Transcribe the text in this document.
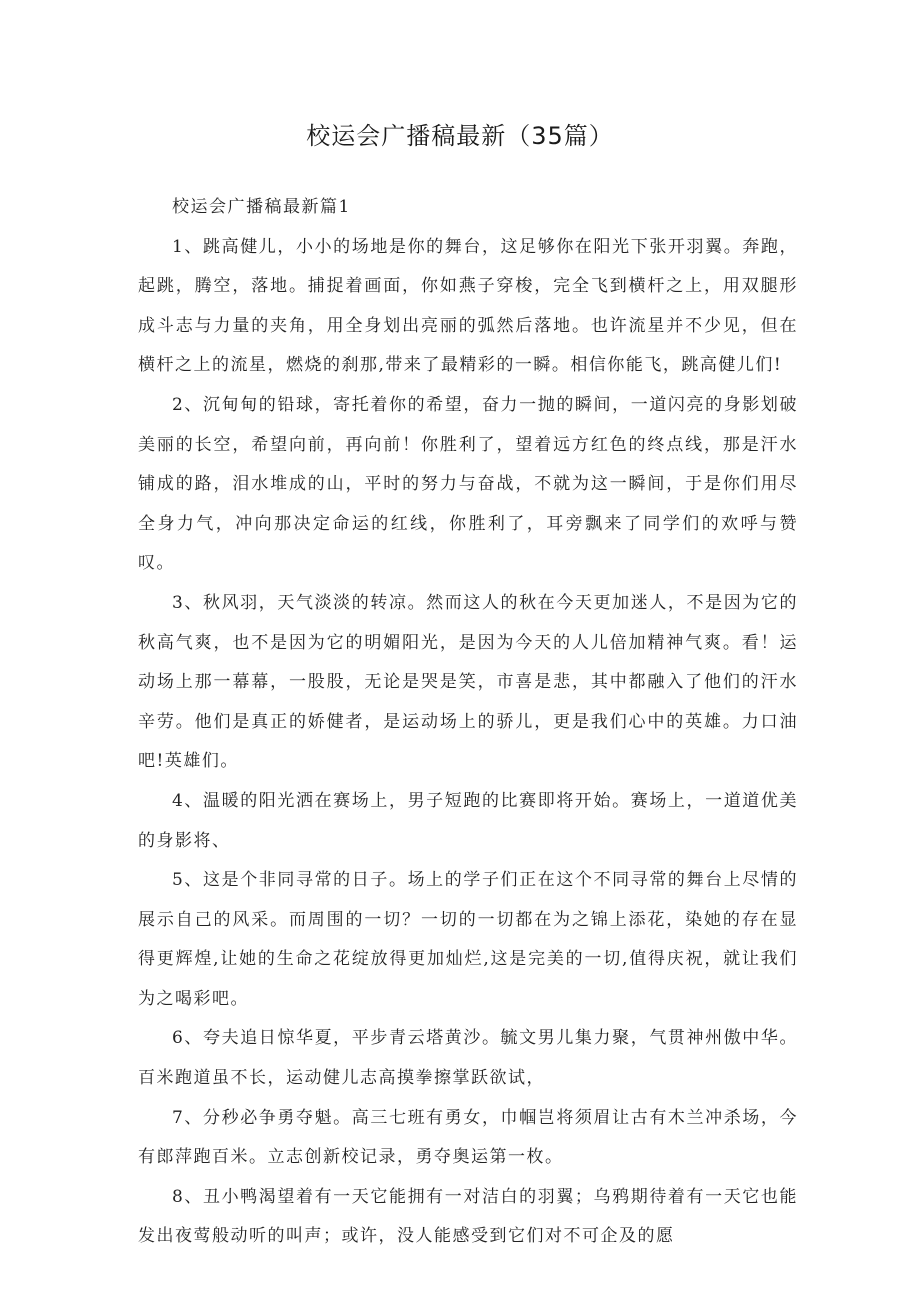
校运会广播稿最新（35篇）

校运会广播稿最新篇1

1、跳高健儿，小小的场地是你的舞台，这足够你在阳光下张开羽翼。奔跑，起跳，腾空，落地。捕捉着画面，你如燕子穿梭，完全飞到横杆之上，用双腿形成斗志与力量的夹角，用全身划出亮丽的弧然后落地。也许流星并不少见，但在横杆之上的流星，燃烧的刹那,带来了最精彩的一瞬。相信你能飞，跳高健儿们!

2、沉甸甸的铅球，寄托着你的希望，奋力一抛的瞬间，一道闪亮的身影划破美丽的长空，希望向前，再向前！你胜利了，望着远方红色的终点线，那是汗水铺成的路，泪水堆成的山，平时的努力与奋战，不就为这一瞬间，于是你们用尽全身力气，冲向那决定命运的红线，你胜利了，耳旁飘来了同学们的欢呼与赞叹。

3、秋风羽，天气淡淡的转凉。然而这人的秋在今天更加迷人，不是因为它的秋高气爽，也不是因为它的明媚阳光，是因为今天的人儿倍加精神气爽。看！运动场上那一幕幕，一股股，无论是哭是笑，市喜是悲，其中都融入了他们的汗水辛劳。他们是真正的娇健者，是运动场上的骄儿，更是我们心中的英雄。力口油吧!英雄们。

4、温暖的阳光洒在赛场上，男子短跑的比赛即将开始。赛场上，一道道优美的身影将、

5、这是个非同寻常的日子。场上的学子们正在这个不同寻常的舞台上尽情的展示自己的风采。而周围的一切？一切的一切都在为之锦上添花，染她的存在显得更辉煌,让她的生命之花绽放得更加灿烂,这是完美的一切,值得庆祝，就让我们为之喝彩吧。

6、夸夫追日惊华夏，平步青云塔黄沙。毓文男儿集力聚，气贯神州傲中华。百米跑道虽不长，运动健儿志高摸拳擦掌跃欲试，

7、分秒必争勇夺魁。高三七班有勇女，巾帼岂将须眉让古有木兰冲杀场，今有郎萍跑百米。立志创新校记录，勇夺奥运第一枚。

8、丑小鸭渴望着有一天它能拥有一对洁白的羽翼；乌鸦期待着有一天它也能发出夜莺般动听的叫声；或许，没人能感受到它们对不可企及的愿
